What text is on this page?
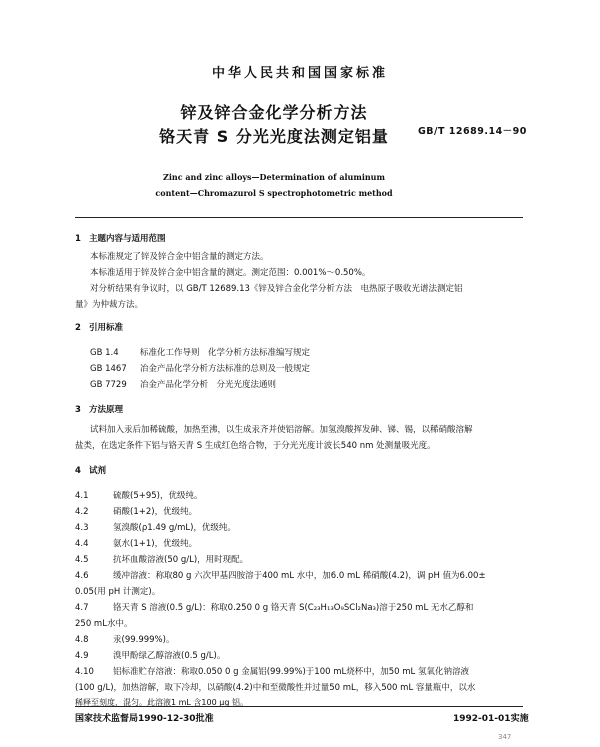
中华人民共和国国家标准
锌及锌合金化学分析方法
铬天青 S 分光光度法测定铝量	GB/T 12689.14－90
Zinc and zinc alloys—Determination of aluminum
content—Chromazurol S spectrophotometric method
1 主题内容与适用范围
本标准规定了锌及锌合金中铝含量的测定方法。
本标准适用于锌及锌合金中铝含量的测定。测定范围：0.001%～0.50%。
对分析结果有争议时，以 GB/T 12689.13《锌及锌合金化学分析方法　电热原子吸收光谱法测定铝
量》为仲裁方法。
2 引用标准
GB 1.4	标准化工作导则　化学分析方法标准编写规定
GB 1467 冶金产品化学分析方法标准的总则及一般规定
GB 7729 冶金产品化学分析　分光光度法通则
3 方法原理
试料加入汞后加稀硫酸，加热至沸，以生成汞齐并使铝溶解。加氢溴酸挥发砷、锑、锡，以稀硝酸溶解
盐类，在选定条件下铝与铬天青 S 生成红色络合物，于分光光度计波长540 nm 处测量吸光度。
4 试剂
4.1	硫酸(5+95)，优级纯。
4.2	硝酸(1+2)，优级纯。
4.3	氢溴酸(ρ1.49 g/mL)，优级纯。
4.4	氨水(1+1)，优级纯。
4.5	抗坏血酸溶液(50 g/L)，用时现配。
4.6	缓冲溶液：称取80 g 六次甲基四胺溶于400 mL 水中，加6.0 mL 稀硝酸(4.2)，调 pH 值为6.00±
0.05(用 pH 计测定)。
4.7	铬天青 S 溶液(0.5 g/L)：称取0.250 0 g 铬天青 S(C₂₃H₁₃O₉SCl₂Na₃)溶于250 mL 无水乙醇和
250 mL水中。
4.8	汞(99.999%)。
4.9	溴甲酚绿乙醇溶液(0.5 g/L)。
4.10 铝标准贮存溶液：称取0.050 0 g 金属铝(99.99%)于100 mL烧杯中，加50 mL 氢氧化钠溶液
(100 g/L)，加热溶解，取下冷却，以硝酸(4.2)中和至微酸性并过量50 mL，移入500 mL 容量瓶中，以水
稀释至刻度，混匀。此溶液1 mL 含100 μg 铝。
国家技术监督局1990-12-30批准	1992-01-01实施
347
